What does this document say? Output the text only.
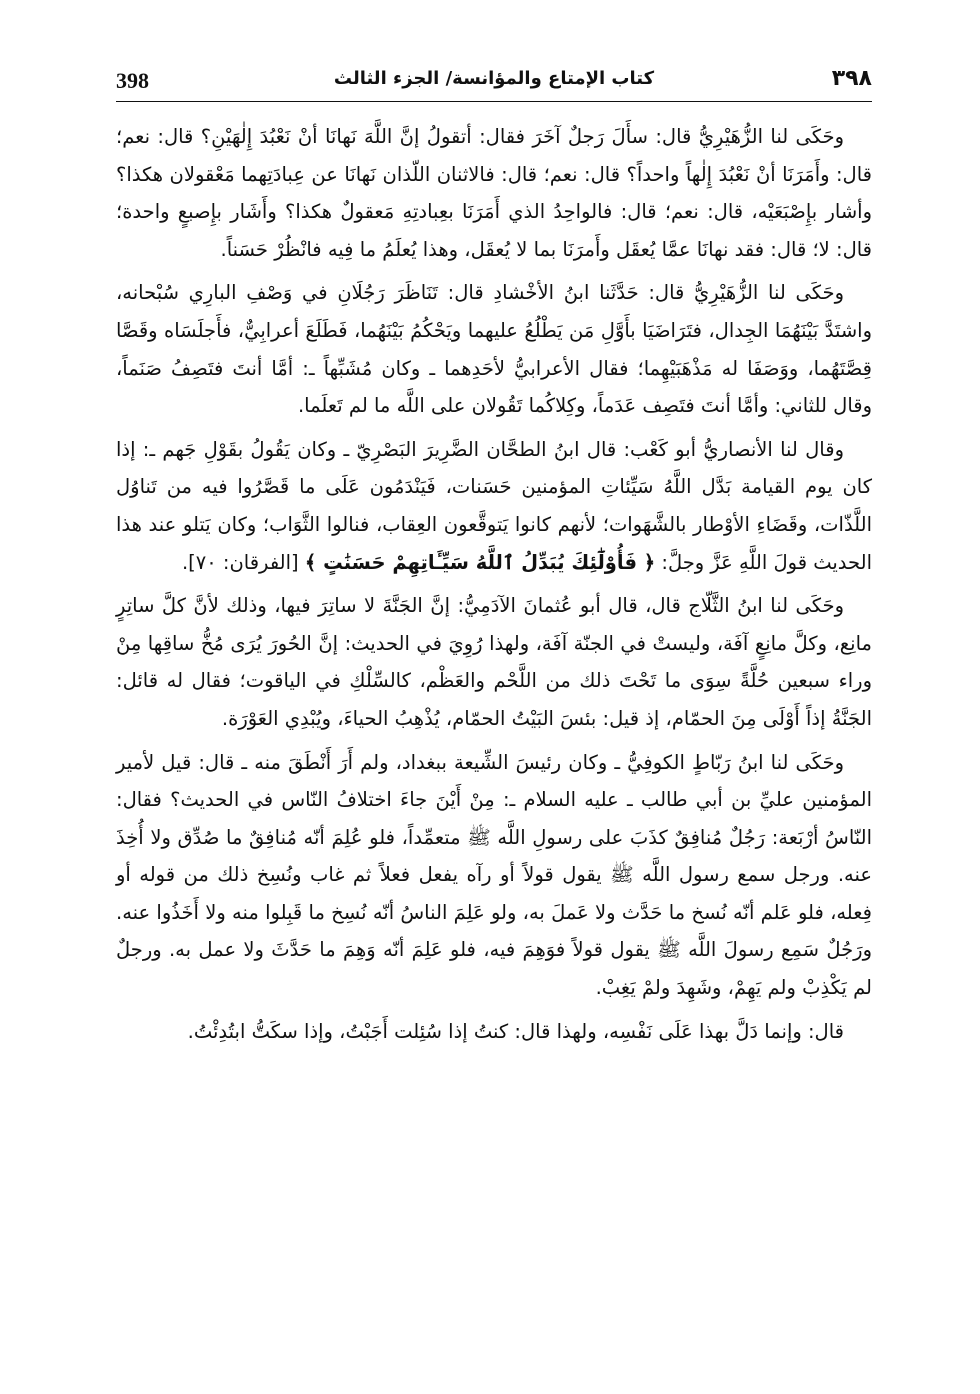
398	كتاب الإمتاع والمؤانسة/ الجزء الثالث	٣٩٨

وحَكَى لنا الزُّهَيْرِيُّ قال: سأَلَ رَجلٌ آخَرَ فقال: أتقولُ إنَّ اللَّهَ نَهانَا أنْ نَعْبُدَ إِلٰهَيْنِ؟ قال: نعم؛ قال: وأَمَرَنَا أنْ نَعْبُدَ إِلٰهاً واحداً؟ قال: نعم؛ قال: فالاثنان اللّذان نَهانَا عن عِبادَتِهما مَعْقولان هكذا؟ وأشار بإِصْبَعَيْه، قال: نعم؛ قال: فالواحِدُ الذي أَمَرَنَا بعِبادتِهِ مَعقولٌ هكذا؟ وأَشَار بإِصبعٍ واحدة؛ قال: لا؛ قال: فقد نهانَا عمَّا يُعقَل وأَمرَنَا بما لا يُعقَل، وهذا يُعلَمُ ما فِيه فانْظُرْ حَسَناً.

وحَكَى لنا الزُّهَيْرِيُّ قال: حَدَّثَنا ابنُ الأخْشادِ قال: تَنَاظَرَ رَجُلَانِ في وَصْفِ البارِي سُبْحانه، واشتَدَّ بَيْنَهُمَا الجِدال، فتَرَاضَيَا بأَوَّلِ مَن يَطْلُعُ عليهما ويَحْكُمُ بَيْنَهُما، فَطَلَعَ أعرابِيٌّ، فأَجلَسَاه وقَصَّا قِصَّتَهُما، ووَصَفَا له مَذْهَبَيْهِما؛ فقال الأعرابيُّ لأحَدِهما ـ وكان مُشَبِّهاً ـ: أمَّا أنتَ فتَصِفُ صَنَماً، وقال للثاني: وأمَّا أنتَ فتَصِف عَدَماً، وكِلاكُما تَقُولان على اللَّه ما لم تَعلَما.

وقال لنا الأنصاريُّ أبو كَعْب: قال ابنُ الطحَّان الضَّرِيرَ البَصْرِيّ ـ وكان يَقُولُ بقَوْلِ جَهم ـ: إذا كان يوم القيامة بَدَّل اللَّهُ سَيِّئاتِ المؤمنين حَسَنات، فَيَنْدَمُون عَلَى ما قَصَّرُوا فيه من تَناوُل اللَّذّات، وقَضَاءِ الأوْطار بالشَّهَوات؛ لأنهم كانوا يَتوقَّعون العِقاب، فنالوا الثَّوَاب؛ وكان يَتلو عند هذا الحديث قولَ اللَّهِ عَزَّ وجلَّ: ﴿ فَأُوْلَٰٓئِكَ يُبَدِّلُ ٱللَّهُ سَيِّـَٔاتِهِمْ حَسَنَٰتٍ ﴾ [الفرقان: ٧٠].

وحَكَى لنا ابنُ الثَّلّاج قال، قال أبو عُثمانَ الآدَمِيُّ: إنَّ الجَنَّةَ لا ساتِرَ فيها، وذلك لأنَّ كلَّ ساتِرٍ مانِع، وكلَّ مانِعٍ آفَة، وليستْ في الجنّة آفَة، ولهذا رُوِيَ في الحديث: إنَّ الحُورَ يُرَى مُخُّ ساقِها مِنْ وراء سبعين حُلَّةً سِوَى ما تَحْتَ ذلك من اللَّحْم والعَظْم، كالسِّلْكِ في الياقوت؛ فقال له قائل: الجَنَّةُ إذاً أَوْلَى مِنَ الحمّام، إذ قيل: بئسَ البَيْتُ الحمّام، يُذْهِبُ الحياءَ، ويُبْدِي العَوْرَة.

وحَكَى لنا ابنُ رَبّاطٍ الكوفِيُّ ـ وكان رئيسَ الشِّيعة ببغداد، ولم أَرَ أَنْطَقَ منه ـ قال: قيل لأمير المؤمنين عليِّ بن أبي طالب ـ عليه السلام ـ: مِنْ أَيْنَ جاءَ اختلافُ النّاس في الحديث؟ فقال: النّاسُ أرْبَعة: رَجُلٌ مُنافِقٌ كذَبَ على رسولِ اللَّه ﷺ متعمِّداً، فلو عُلِمَ أنّه مُنافِقٌ ما صُدِّق ولا أُخِذَ عنه. ورجل سمع رسول اللَّه ﷺ يقول قولاً أو رآه يفعل فعلاً ثم غاب ونُسِخ ذلك من قوله أو فِعله، فلو عَلم أنّه نُسخ ما حَدَّث ولا عَملَ به، ولو عَلِمَ الناسُ أنّه نُسِخ ما قَبِلوا منه ولا أَخَذُوا عنه. ورَجُلٌ سَمِع رسولَ اللَّه ﷺ يقول قولاً فوَهِمَ فيه، فلو عَلِمَ أنّه وَهِمَ ما حَدَّثَ ولا عمل به. ورجلٌ لم يَكْذِبْ ولم يَهِمْ، وشَهِدَ ولمْ يَغِبْ.

قال: وإنما دَلَّ بهذا عَلَى نَفْسِه، ولهذا قال: كنتُ إذا سُئِلت أَجَبْتُ، وإذا سكَتُّ ابتُدِئْتُ.
